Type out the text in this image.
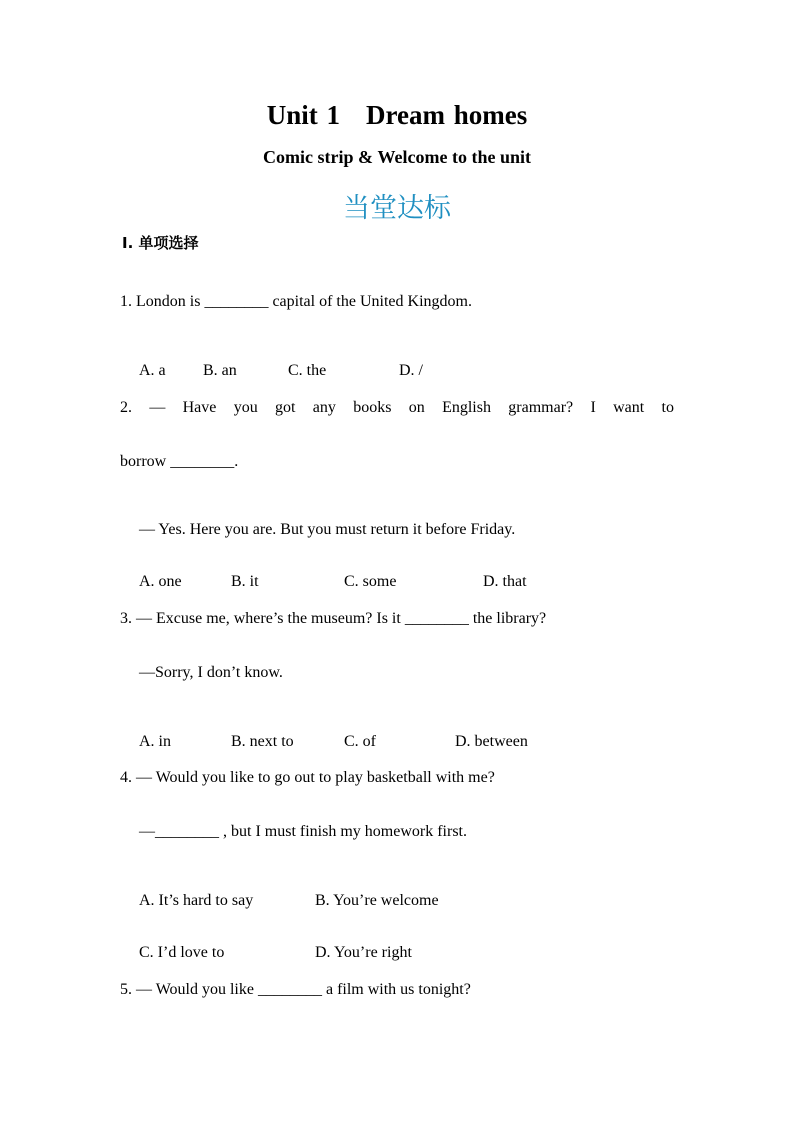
Unit 1 Dream homes
Comic strip & Welcome to the unit
当堂达标
Ⅰ. 单项选择
1. London is ________ capital of the United Kingdom.
A. a B. an	C. the	D. /
2. — Have you got any books on English grammar? I want to
borrow ________.
— Yes. Here you are. But you must return it before Friday.
A. one	B. it	C. some	D. that
3. — Excuse me, where’s the museum? Is it ________ the library?
—Sorry, I don’t know.
A. in	B. next to	C. of	D. between
4. — Would you like to go out to play basketball with me?
—________ , but I must finish my homework first.
A. It’s hard to say	B. You’re welcome
C. I’d love to	D. You’re right
5. — Would you like ________ a film with us tonight?
